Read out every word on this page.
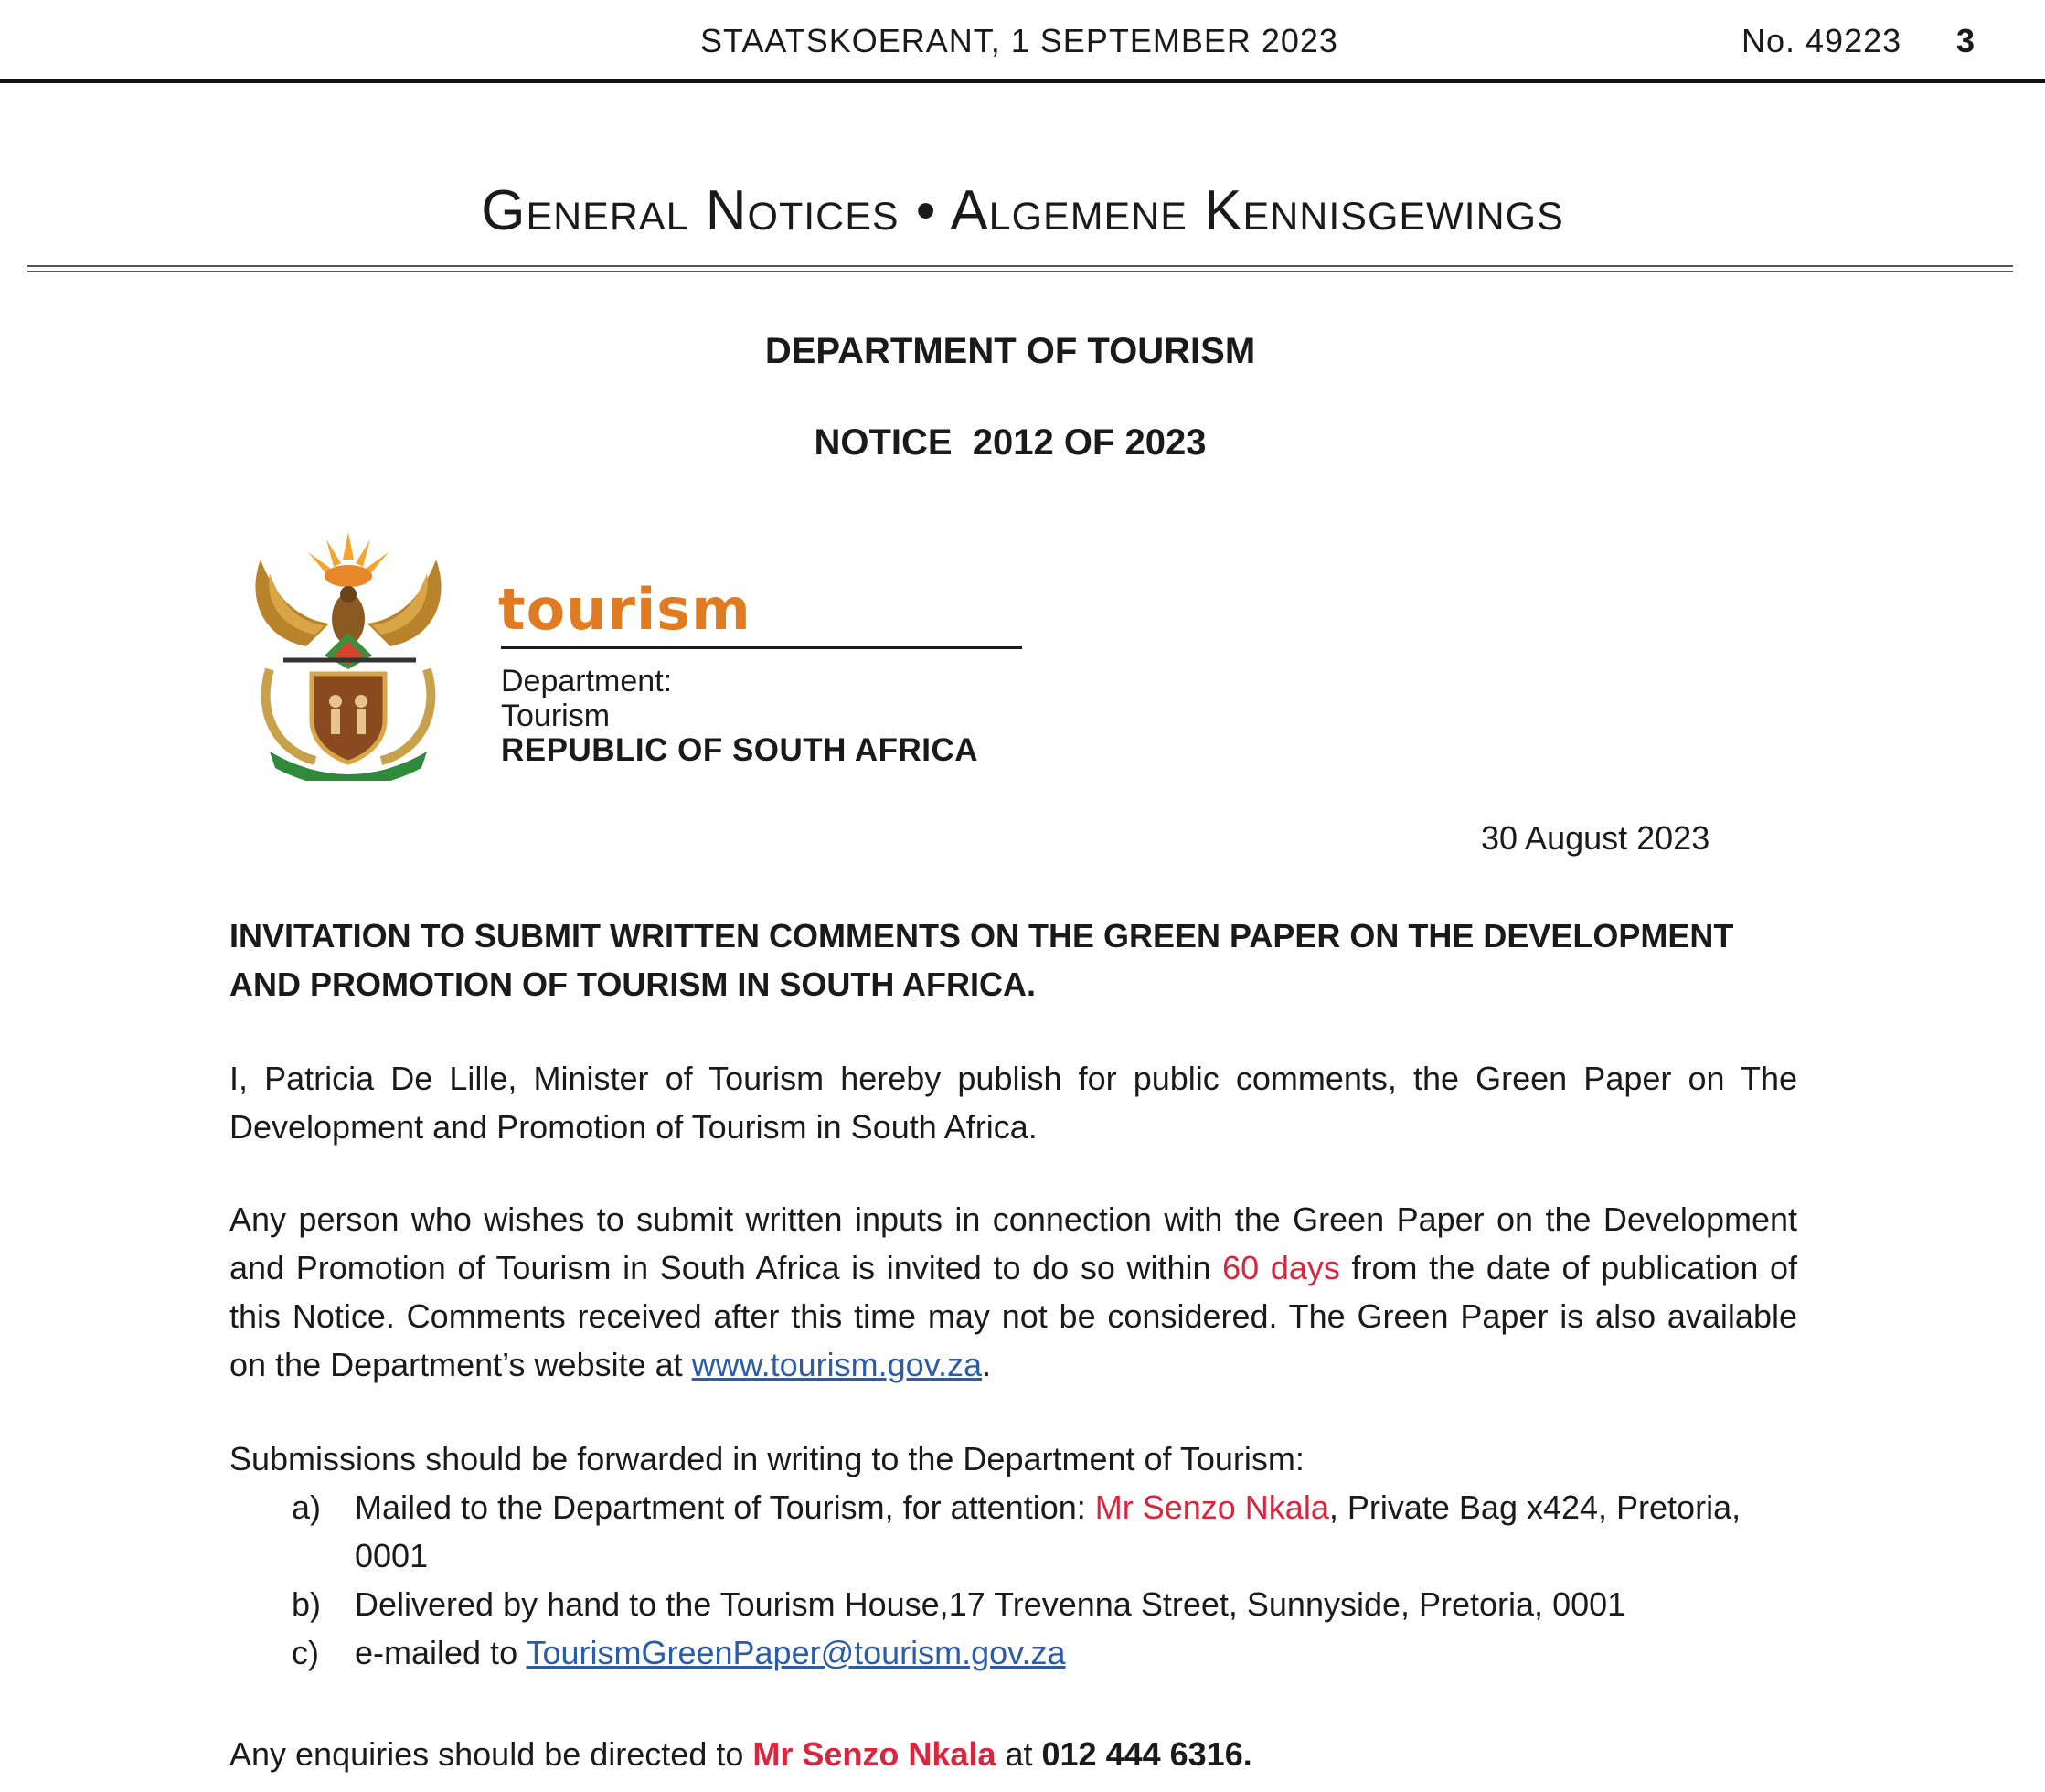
STAATSKOERANT, 1 SEPTEMBER 2023	No. 49223 3
General Notices • Algemene Kennisgewings
DEPARTMENT OF TOURISM
NOTICE  2012 OF 2023
tourism
Department:
Tourism
REPUBLIC OF SOUTH AFRICA
30 August 2023
INVITATION TO SUBMIT WRITTEN COMMENTS ON THE GREEN PAPER ON THE DEVELOPMENT AND PROMOTION OF TOURISM IN SOUTH AFRICA.
I, Patricia De Lille, Minister of Tourism hereby publish for public comments, the Green Paper on The Development and Promotion of Tourism in South Africa.
Any person who wishes to submit written inputs in connection with the Green Paper on the Development and Promotion of Tourism in South Africa is invited to do so within 60 days from the date of publication of this Notice. Comments received after this time may not be considered. The Green Paper is also available on the Department’s website at www.tourism.gov.za.
Submissions should be forwarded in writing to the Department of Tourism:
a) Mailed to the Department of Tourism, for attention: Mr Senzo Nkala, Private Bag x424, Pretoria, 0001
b) Delivered by hand to the Tourism House,17 Trevenna Street, Sunnyside, Pretoria, 0001
c) e-mailed to TourismGreenPaper@tourism.gov.za
Any enquiries should be directed to Mr Senzo Nkala at 012 444 6316.
